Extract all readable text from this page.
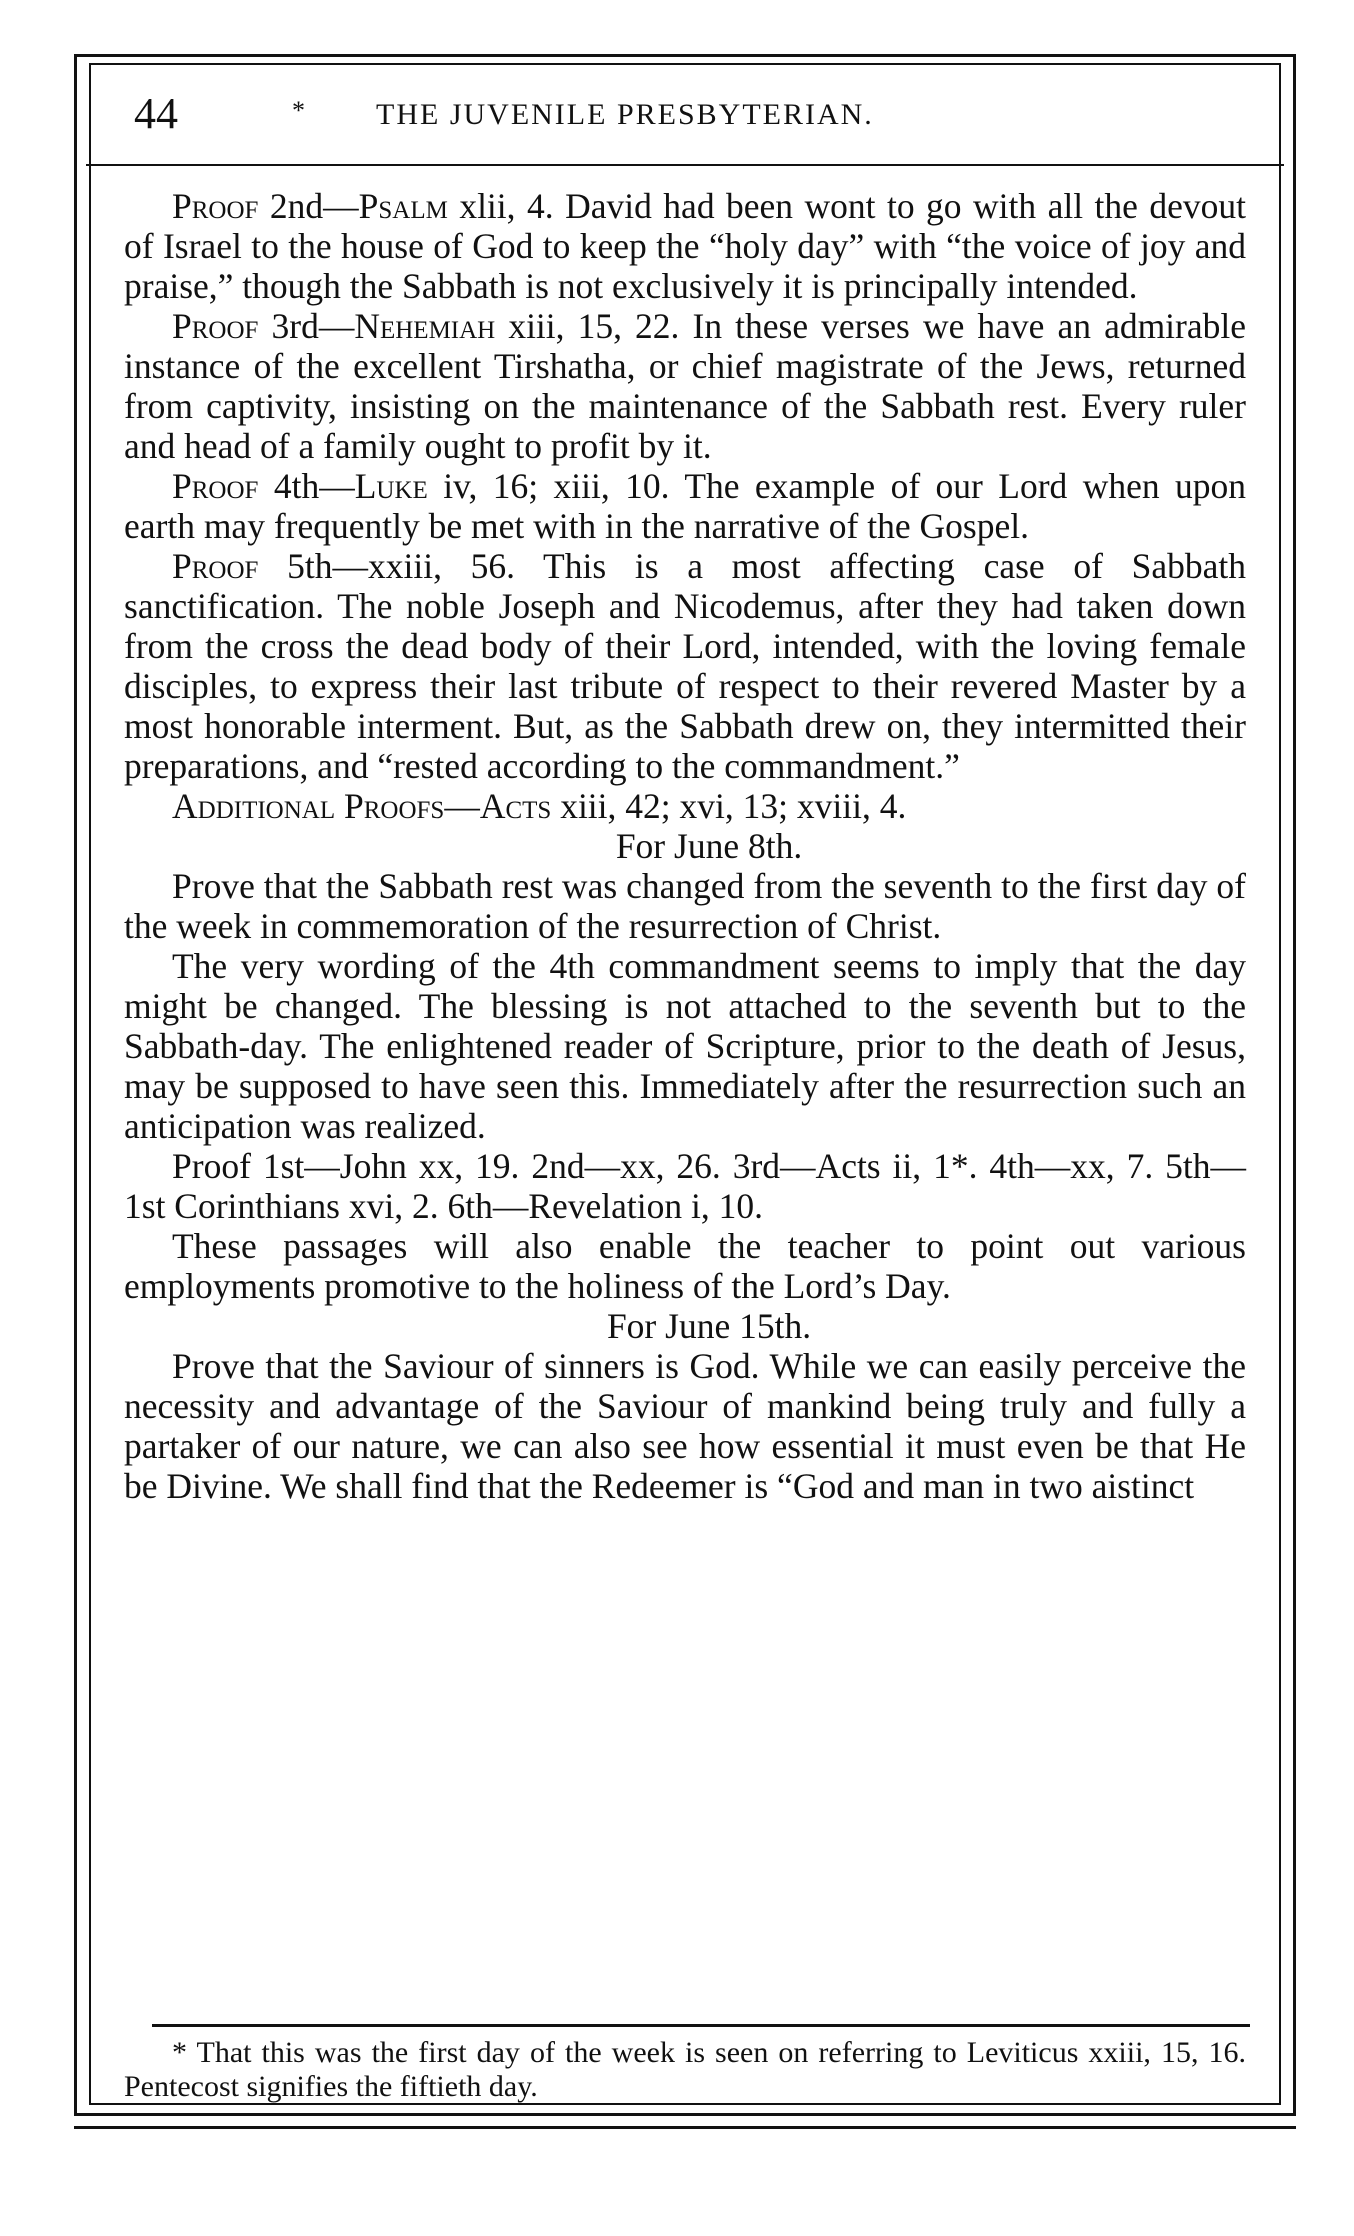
44	* THE JUVENILE PRESBYTERIAN.

Proof 2nd—Psalm xlii, 4. David had been wont to go with all the devout of Israel to the house of God to keep the “holy day” with “the voice of joy and praise,” though the Sabbath is not exclusively it is principally intended.

Proof 3rd—Nehemiah xiii, 15, 22. In these verses we have an admirable instance of the excellent Tirshatha, or chief magistrate of the Jews, returned from captivity, insisting on the maintenance of the Sabbath rest. Every ruler and head of a family ought to profit by it.

Proof 4th—Luke iv, 16; xiii, 10. The example of our Lord when upon earth may frequently be met with in the narrative of the Gospel.

Proof 5th—xxiii, 56. This is a most affecting case of Sabbath sanctification. The noble Joseph and Nicodemus, after they had taken down from the cross the dead body of their Lord, intended, with the loving female disciples, to express their last tribute of respect to their revered Master by a most honorable interment. But, as the Sabbath drew on, they intermitted their preparations, and “rested according to the commandment.”

Additional Proofs—Acts xiii, 42; xvi, 13; xviii, 4.

For June 8th.

Prove that the Sabbath rest was changed from the seventh to the first day of the week in commemoration of the resurrection of Christ.

The very wording of the 4th commandment seems to imply that the day might be changed. The blessing is not attached to the seventh but to the Sabbath-day. The enlightened reader of Scripture, prior to the death of Jesus, may be supposed to have seen this. Immediately after the resurrection such an anticipation was realized.

Proof 1st—John xx, 19. 2nd—xx, 26. 3rd—Acts ii, 1*. 4th—xx, 7. 5th—1st Corinthians xvi, 2. 6th—Revelation i, 10.

These passages will also enable the teacher to point out various employments promotive to the holiness of the Lord’s Day.

For June 15th.

Prove that the Saviour of sinners is God. While we can easily perceive the necessity and advantage of the Saviour of mankind being truly and fully a partaker of our nature, we can also see how essential it must even be that He be Divine. We shall find that the Redeemer is “God and man in two aistinct

* That this was the first day of the week is seen on referring to Leviticus xxiii, 15, 16. Pentecost signifies the fiftieth day.
